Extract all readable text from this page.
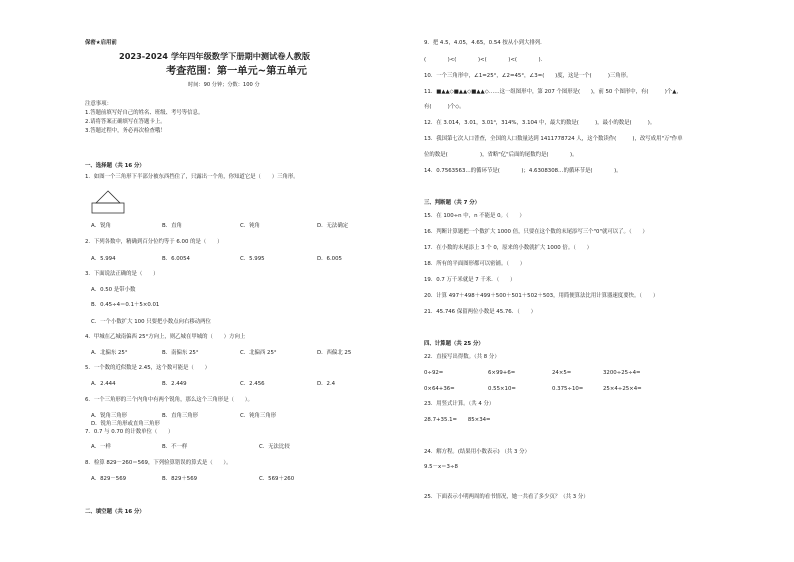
保密★启用前
2023-2024 学年四年级数学下册期中测试卷人教版
考查范围：第一单元~第五单元
时间：90 分钟；分数：100 分
注意事项：
1.答题前填写好自己的姓名、班级、考号等信息。
2.请将答案正确填写在答题卡上。
3.答题过程中，务必再次检查哦！
一、选择题（共 16 分）
1．如图一个三角形下半部分被东西挡住了，只露出一个角，你知道它是（　　）三角形。
A．锐角	B．直角	C．钝角	D．无法确定
2．下列各数中，精确到百分位约等于 6.00 的是（　　）
A．5.994	B．6.0054	C．5.995	D．6.005
3．下面说法正确的是（　　）
A．0.50 是带小数
B．0.45÷4＝0.1＋5×0.01
C．一个小数扩大 100 只要把小数点向右移动两位
4．甲城在乙城南偏西 25°方向上，则乙城在甲城的（　　）方向上
A．北偏东 25°	B．南偏东 25°	C．北偏西 25°	D．西偏北 25
5．一个数的近似数是 2.45，这个数可能是（　　）
A．2.444	B．2.449	C．2.456	D．2.4
6．一个三角形的三个内角中有两个锐角，那么这个三角形是（　　）。
A．锐角三角形	B．直角三角形	C．钝角三角形
D．锐角三角形或直角三角形
7．0.7 与 0.70 的计数单位（　　）
A．一样	B．不一样	C．无法比较
8．检算 829－260＝569，下列验算错误的算式是（　　）。
A．829－569	B．829＋569	C．569＋260
二、填空题（共 16 分）
9．把 4.5，4.05，4.65，0.54 按从小到大排列．
(　　　　)<(　　　　)<(　　　　)<(　　　　).
10．一个三角形中，∠1=25°，∠2=45°，∠3=(　　)度，这是一个(　　　)三角形。
11．■▲▲◇■▲▲◇■▲▲◇……这一组图形中，第 207 个图形是(　　)，前 50 个图形中，有(　　　)个▲，
有(　　　)个◇。
12．在 3.014，3.01，3.01⁴，314%，3.104 中，最大的数是(　　　)，最小的数是(　　　)。
13．我国第七次人口普查，全国的人口数量达到 1411778724 人，这个数读作(　　　)，改写成用"万"作单
位的数是(　　　　　　)，省略"亿"后面的尾数约是(　　　　)。
14．0.7563563…的循环节是(　　　　)；4.6308308…的循环节是(　　　　)。
三、判断题（共 7 分）
15．在 100÷n 中，n 不能是 0。（　　）
16．判断计算题把一个数扩大 1000 倍，只要在这个数的末尾添写三个"0"就可以了。（　　）
17．在小数的末尾添上 3 个 0，原来的小数就扩大 1000 倍。（　　）
18．所有的平面图形都可以密铺。（　　）
19．0.7 万千米就是 7 千米．（　　）
20．计算 497＋498＋499＋500＋501＋502＋503，用简便算法比用计算器速度要快。（　　）
21．45.746 保留两位小数是 45.76．（　　）
四、计算题（共 25 分）
22．直接写出得数。（共 8 分）
0÷92=	6×99+6=	24×5=	3200÷25÷4=
0×64+36=	0.55×10=	0.375÷10=	25×4÷25×4=
23．用竖式计算。（共 4 分）
28.7+35.1=　　85×34=
24．解方程。(结果用小数表示) （共 3 分）
9.5－x＝3÷8
25．下面表示小明两周的看书情况，她一共看了多少页？（共 3 分）
